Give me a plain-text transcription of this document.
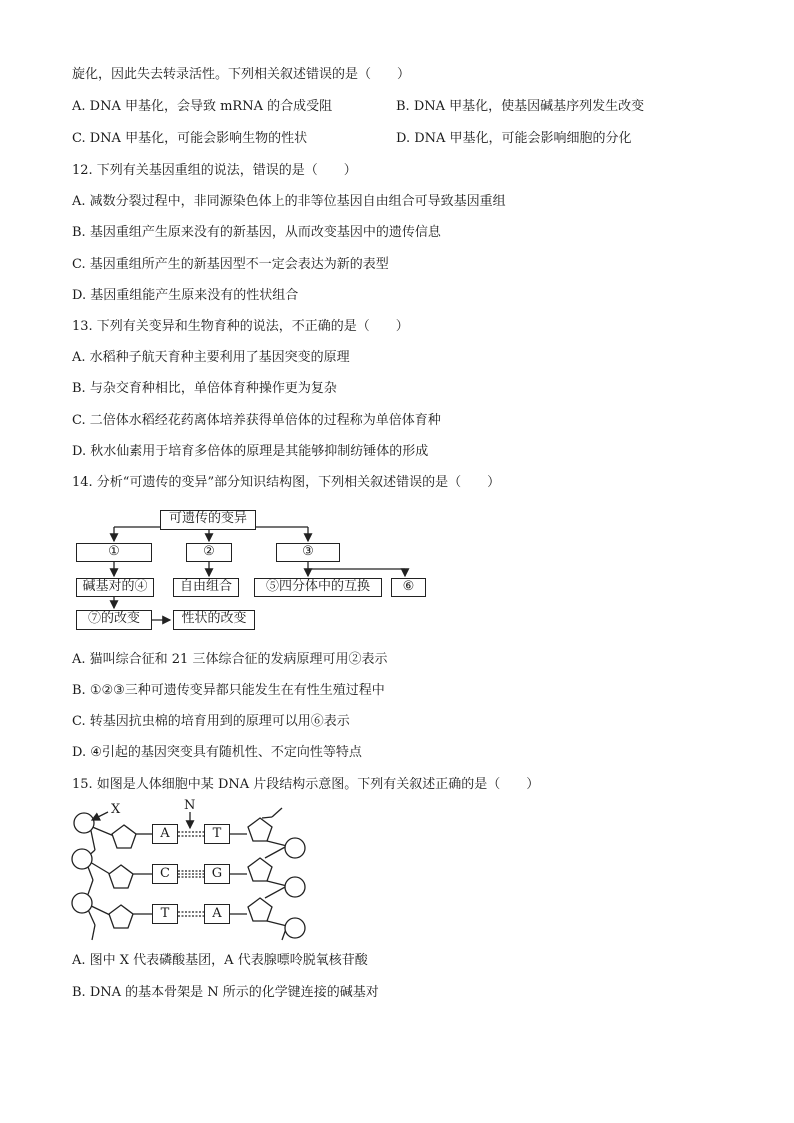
旋化，因此失去转录活性。下列相关叙述错误的是（　　）
A. DNA 甲基化，会导致 mRNA 的合成受阻	B. DNA 甲基化，使基因碱基序列发生改变
C. DNA 甲基化，可能会影响生物的性状	D. DNA 甲基化，可能会影响细胞的分化
12. 下列有关基因重组的说法，错误的是（　　）
A. 减数分裂过程中，非同源染色体上的非等位基因自由组合可导致基因重组
B. 基因重组产生原来没有的新基因，从而改变基因中的遗传信息
C. 基因重组所产生的新基因型不一定会表达为新的表型
D. 基因重组能产生原来没有的性状组合
13. 下列有关变异和生物育种的说法，不正确的是（　　）
A. 水稻种子航天育种主要利用了基因突变的原理
B. 与杂交育种相比，单倍体育种操作更为复杂
C. 二倍体水稻经花药离体培养获得单倍体的过程称为单倍体育种
D. 秋水仙素用于培育多倍体的原理是其能够抑制纺锤体的形成
14. 分析“可遗传的变异”部分知识结构图，下列相关叙述错误的是（　　）
可遗传的变异
①	②	③
碱基对的④	自由组合	⑤四分体中的互换	⑥
⑦的改变	性状的改变
A. 猫叫综合征和 21 三体综合征的发病原理可用②表示
B. ①②③三种可遗传变异都只能发生在有性生殖过程中
C. 转基因抗虫棉的培育用到的原理可以用⑥表示
D. ④引起的基因突变具有随机性、不定向性等特点
15. 如图是人体细胞中某 DNA 片段结构示意图。下列有关叙述正确的是（　　）
X	N
A	T
C	G
T	A
A. 图中 X 代表磷酸基团，A 代表腺嘌呤脱氧核苷酸
B. DNA 的基本骨架是 N 所示的化学键连接的碱基对
